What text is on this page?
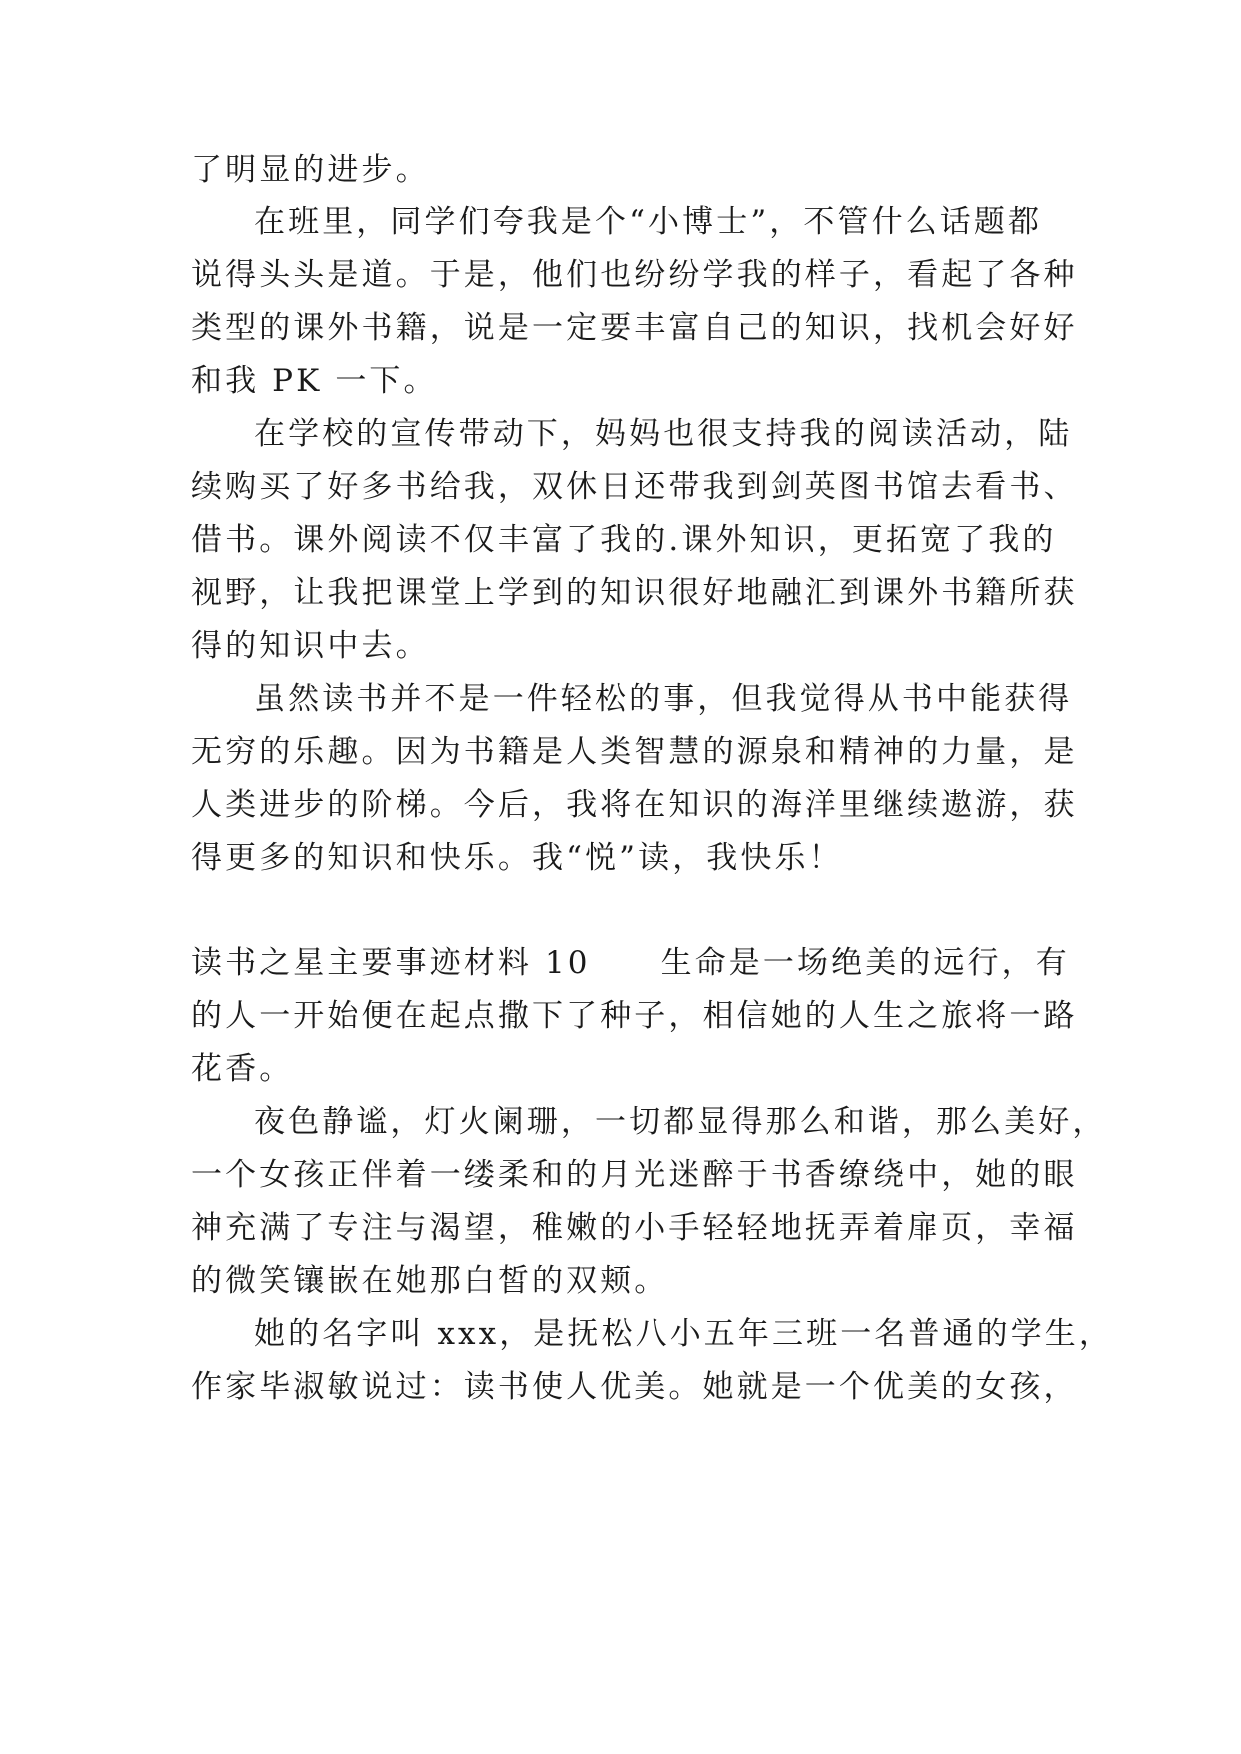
了明显的进步。
在班里，同学们夸我是个“小博士”，不管什么话题都
说得头头是道。于是，他们也纷纷学我的样子，看起了各种
类型的课外书籍，说是一定要丰富自己的知识，找机会好好
和我 PK 一下。
在学校的宣传带动下，妈妈也很支持我的阅读活动，陆
续购买了好多书给我，双休日还带我到剑英图书馆去看书、
借书。课外阅读不仅丰富了我的.课外知识，更拓宽了我的
视野，让我把课堂上学到的知识很好地融汇到课外书籍所获
得的知识中去。
虽然读书并不是一件轻松的事，但我觉得从书中能获得
无穷的乐趣。因为书籍是人类智慧的源泉和精神的力量，是
人类进步的阶梯。今后，我将在知识的海洋里继续遨游，获
得更多的知识和快乐。我“悦”读，我快乐！
读书之星主要事迹材料 10 生命是一场绝美的远行，有
的人一开始便在起点撒下了种子，相信她的人生之旅将一路
花香。
夜色静谧，灯火阑珊，一切都显得那么和谐，那么美好，
一个女孩正伴着一缕柔和的月光迷醉于书香缭绕中，她的眼
神充满了专注与渴望，稚嫩的小手轻轻地抚弄着扉页，幸福
的微笑镶嵌在她那白皙的双颊。
她的名字叫 xxx，是抚松八小五年三班一名普通的学生，
作家毕淑敏说过：读书使人优美。她就是一个优美的女孩，
